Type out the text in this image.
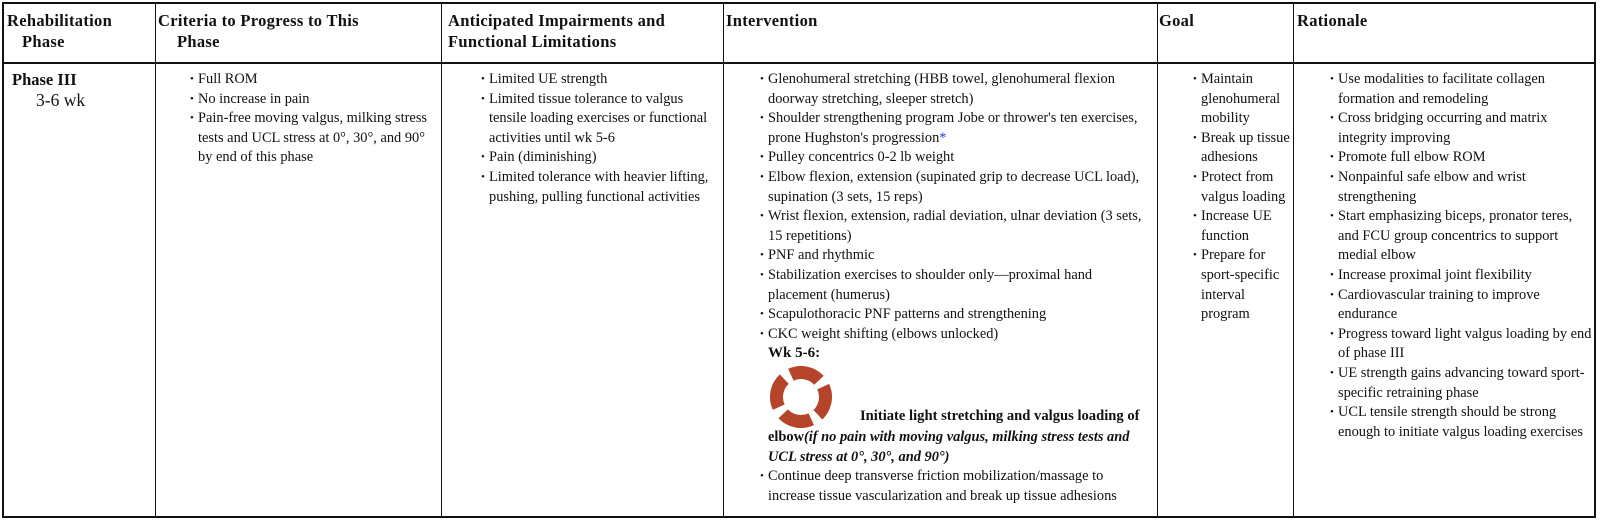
Rehabilitation
Phase
Criteria to Progress to This
Phase
Anticipated Impairments and
Functional Limitations
Intervention	Goal	Rationale
Phase III
3-6 wk
• Full ROM
• No increase in pain
• Pain-free moving valgus, milking stress tests and UCL stress at 0°, 30°, and 90° by end of this phase
• Limited UE strength
• Limited tissue tolerance to valgus tensile loading exercises or functional activities until wk 5-6
• Pain (diminishing)
• Limited tolerance with heavier lifting, pushing, pulling functional activities
• Glenohumeral stretching (HBB towel, glenohumeral flexion doorway stretching, sleeper stretch)
• Shoulder strengthening program Jobe or thrower's ten exercises, prone Hughston's progression*
• Pulley concentrics 0-2 lb weight
• Elbow flexion, extension (supinated grip to decrease UCL load), supination (3 sets, 15 reps)
• Wrist flexion, extension, radial deviation, ulnar deviation (3 sets, 15 repetitions)
• PNF and rhythmic
• Stabilization exercises to shoulder only—proximal hand placement (humerus)
• Scapulothoracic PNF patterns and strengthening
• CKC weight shifting (elbows unlocked)
Wk 5-6:
Initiate light stretching and valgus loading of
elbow(if no pain with moving valgus, milking stress tests and UCL stress at 0°, 30°, and 90°)
• Continue deep transverse friction mobilization/massage to increase tissue vascularization and break up tissue adhesions
• Maintain glenohumeral mobility
• Break up tissue adhesions
• Protect from valgus loading
• Increase UE function
• Prepare for sport-specific interval program
• Use modalities to facilitate collagen formation and remodeling
• Cross bridging occurring and matrix integrity improving
• Promote full elbow ROM
• Nonpainful safe elbow and wrist strengthening
• Start emphasizing biceps, pronator teres, and FCU group concentrics to support medial elbow
• Increase proximal joint flexibility
• Cardiovascular training to improve endurance
• Progress toward light valgus loading by end of phase III
• UE strength gains advancing toward sport-specific retraining phase
• UCL tensile strength should be strong enough to initiate valgus loading exercises
